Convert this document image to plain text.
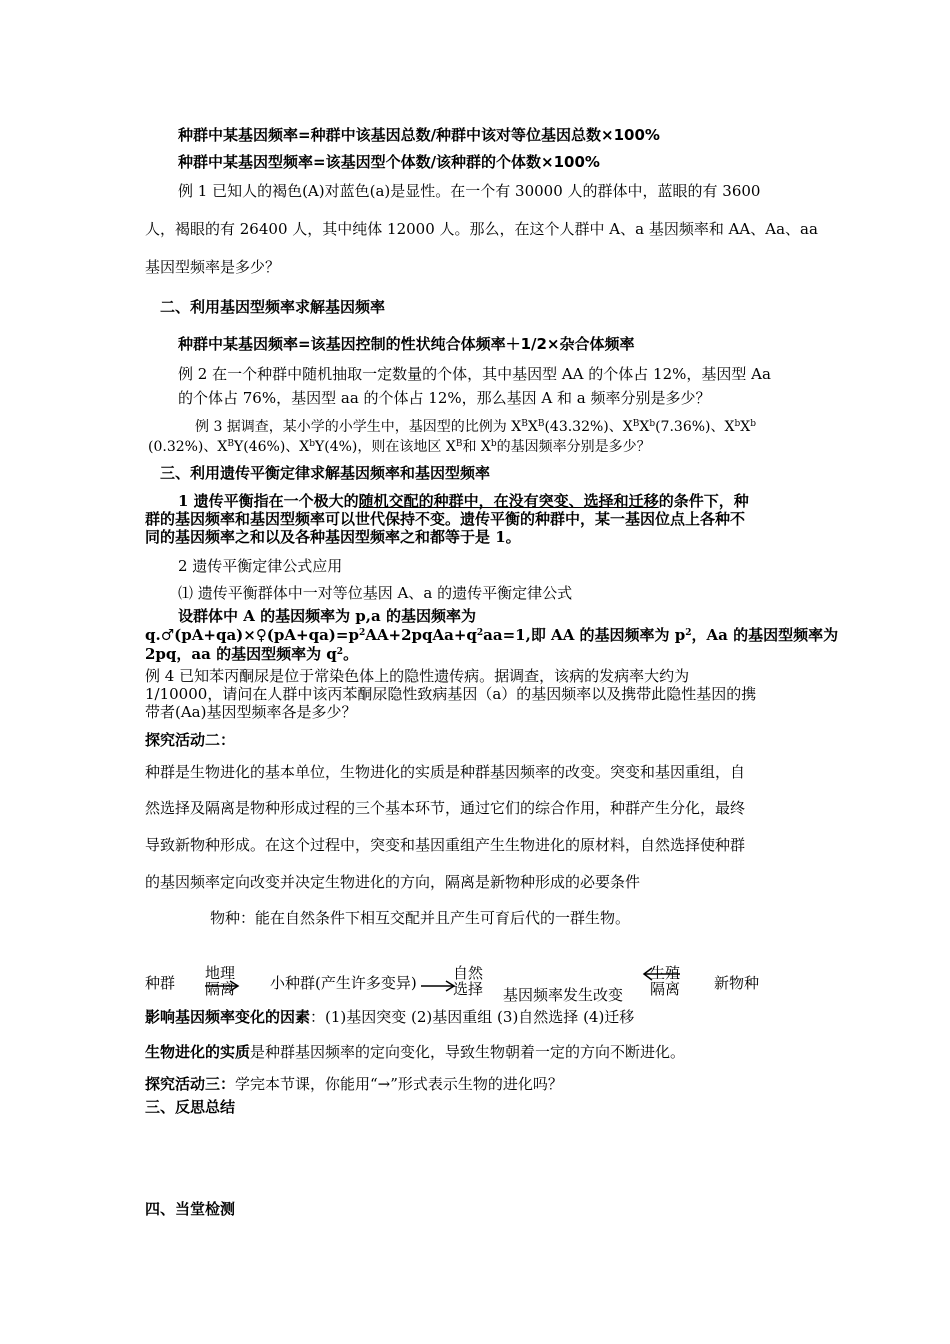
种群中某基因频率=种群中该基因总数/种群中该对等位基因总数×100%
种群中某基因型频率=该基因型个体数/该种群的个体数×100%
例 1 已知人的褐色(A)对蓝色(a)是显性。在一个有 30000 人的群体中，蓝眼的有 3600
人，褐眼的有 26400 人，其中纯体 12000 人。那么，在这个人群中 A、a 基因频率和 AA、Aa、aa
基因型频率是多少？
二、利用基因型频率求解基因频率
种群中某基因频率=该基因控制的性状纯合体频率＋1/2×杂合体频率
例 2 在一个种群中随机抽取一定数量的个体，其中基因型 AA 的个体占 12%，基因型 Aa
的个体占 76%，基因型 aa 的个体占 12%，那么基因 A 和 a 频率分别是多少？
例 3 据调查，某小学的小学生中，基因型的比例为 $X^BX^B(43.32\%)$、$X^BX^b(7.36\%)$、$X^bX^b$
(0.32%)、$X^BY(46\%)$、$X^bY(4\%)$，则在该地区 $X^B$和 $X^b$的基因频率分别是多少？
三、利用遗传平衡定律求解基因频率和基因型频率
1 遗传平衡指在一个极大的随机交配的种群中，在没有突变、选择和迁移的条件下，种
群的基因频率和基因型频率可以世代保持不变。遗传平衡的种群中，某一基因位点上各种不
同的基因频率之和以及各种基因型频率之和都等于是 1。
2 遗传平衡定律公式应用
⑴ 遗传平衡群体中一对等位基因 A、a 的遗传平衡定律公式
设群体中 A 的基因频率为 p,a 的基因频率为
$q.♂(pA+qa)\times♀(pA+qa)=p^2AA+2pqAa+q^2aa=1$,即 AA 的基因频率为 $p^2$，Aa 的基因型频率为
2pq，aa 的基因型频率为 $q^2$。
例 4 已知苯丙酮尿是位于常染色体上的隐性遗传病。据调查，该病的发病率大约为
1/10000，请问在人群中该丙苯酮尿隐性致病基因（a）的基因频率以及携带此隐性基因的携
带者(Aa)基因型频率各是多少？
探究活动二：
种群是生物进化的基本单位，生物进化的实质是种群基因频率的改变。突变和基因重组，自
然选择及隔离是物种形成过程的三个基本环节，通过它们的综合作用，种群产生分化，最终
导致新物种形成。在这个过程中，突变和基因重组产生生物进化的原材料，自然选择使种群
的基因频率定向改变并决定生物进化的方向，隔离是新物种形成的必要条件
物种：能在自然条件下相互交配并且产生可育后代的一群生物。
种群
地理
隔离 小种群(产生许多变异)
自然
选择 基因频率发生改变
生殖
隔离 新物种
影响基因频率变化的因素：(1)基因突变 (2)基因重组 (3)自然选择 (4)迁移
生物进化的实质是种群基因频率的定向变化，导致生物朝着一定的方向不断进化。
探究活动三：学完本节课，你能用“→”形式表示生物的进化吗？
三、反思总结
四、当堂检测
